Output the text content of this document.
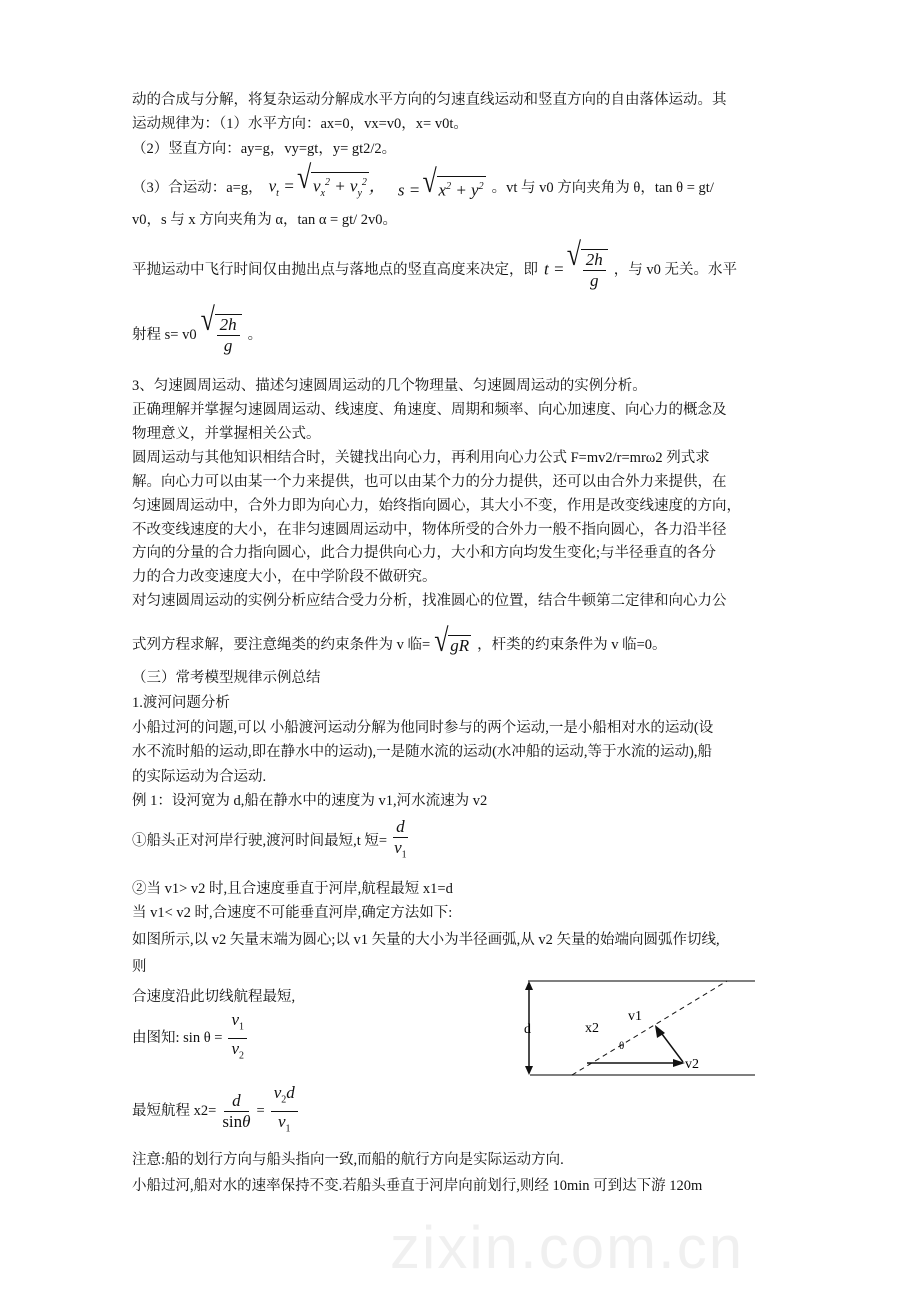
zixin.com.cn
动的合成与分解，将复杂运动分解成水平方向的匀速直线运动和竖直方向的自由落体运动。其
运动规律为：（1）水平方向：ax=0，vx=v0，x= v0t。
（2）竖直方向：ay=g，vy=gt，y= gt2/2。
（3）合运动：a=g， $v_t$ = √ $v_x^2 + v_y^2$ ， s = √ $x^2 + y^2$ 。vt 与 v0 方向夹角为 θ，tan θ = gt/
v0，s 与 x 方向夹角为 α，tan α = gt/ 2v0。
平抛运动中飞行时间仅由抛出点与落地点的竖直高度来决定，即 t = √ $\frac{2h}{g}$ ，与 v0 无关。水平
射程 s= v0 √ $\frac{2h}{g}$ 。
3、匀速圆周运动、描述匀速圆周运动的几个物理量、匀速圆周运动的实例分析。
正确理解并掌握匀速圆周运动、线速度、角速度、周期和频率、向心加速度、向心力的概念及
物理意义，并掌握相关公式。
圆周运动与其他知识相结合时，关键找出向心力，再利用向心力公式 F=mv2/r=mrω2 列式求
解。向心力可以由某一个力来提供，也可以由某个力的分力提供，还可以由合外力来提供，在
匀速圆周运动中，合外力即为向心力，始终指向圆心，其大小不变，作用是改变线速度的方向，
不改变线速度的大小，在非匀速圆周运动中，物体所受的合外力一般不指向圆心，各力沿半径
方向的分量的合力指向圆心，此合力提供向心力，大小和方向均发生变化;与半径垂直的各分
力的合力改变速度大小，在中学阶段不做研究。
对匀速圆周运动的实例分析应结合受力分析，找准圆心的位置，结合牛顿第二定律和向心力公
式列方程求解，要注意绳类的约束条件为 v 临=	√ gR ，杆类的约束条件为 v 临=0。
（三）常考模型规律示例总结
1.渡河问题分析
小船过河的问题,可以 小船渡河运动分解为他同时参与的两个运动,一是小船相对水的运动(设
水不流时船的运动,即在静水中的运动),一是随水流的运动(水冲船的运动,等于水流的运动),船
的实际运动为合运动.
例 1：设河宽为 d,船在静水中的速度为 v1,河水流速为 v2
①船头正对河岸行驶,渡河时间最短,t 短= $\frac{d}{v_1}$
②当 v1> v2 时,且合速度垂直于河岸,航程最短 x1=d
当 v1< v2 时,合速度不可能垂直河岸,确定方法如下:
如图所示,以 v2 矢量末端为圆心;以 v1 矢量的大小为半径画弧,从 v2 矢量的始端向圆弧作切线,
则
合速度沿此切线航程最短,
由图知: $\sin \theta = \frac{v_1}{v_2}$
最短航程 $x2= \frac{d}{\sin\theta} = \frac{v_2d}{v_1}$
注意:船的划行方向与船头指向一致,而船的航行方向是实际运动方向.
小船过河,船对水的速率保持不变.若船头垂直于河岸向前划行,则经 10min 可到达下游 120m
d	x2
v1
v2
θ
